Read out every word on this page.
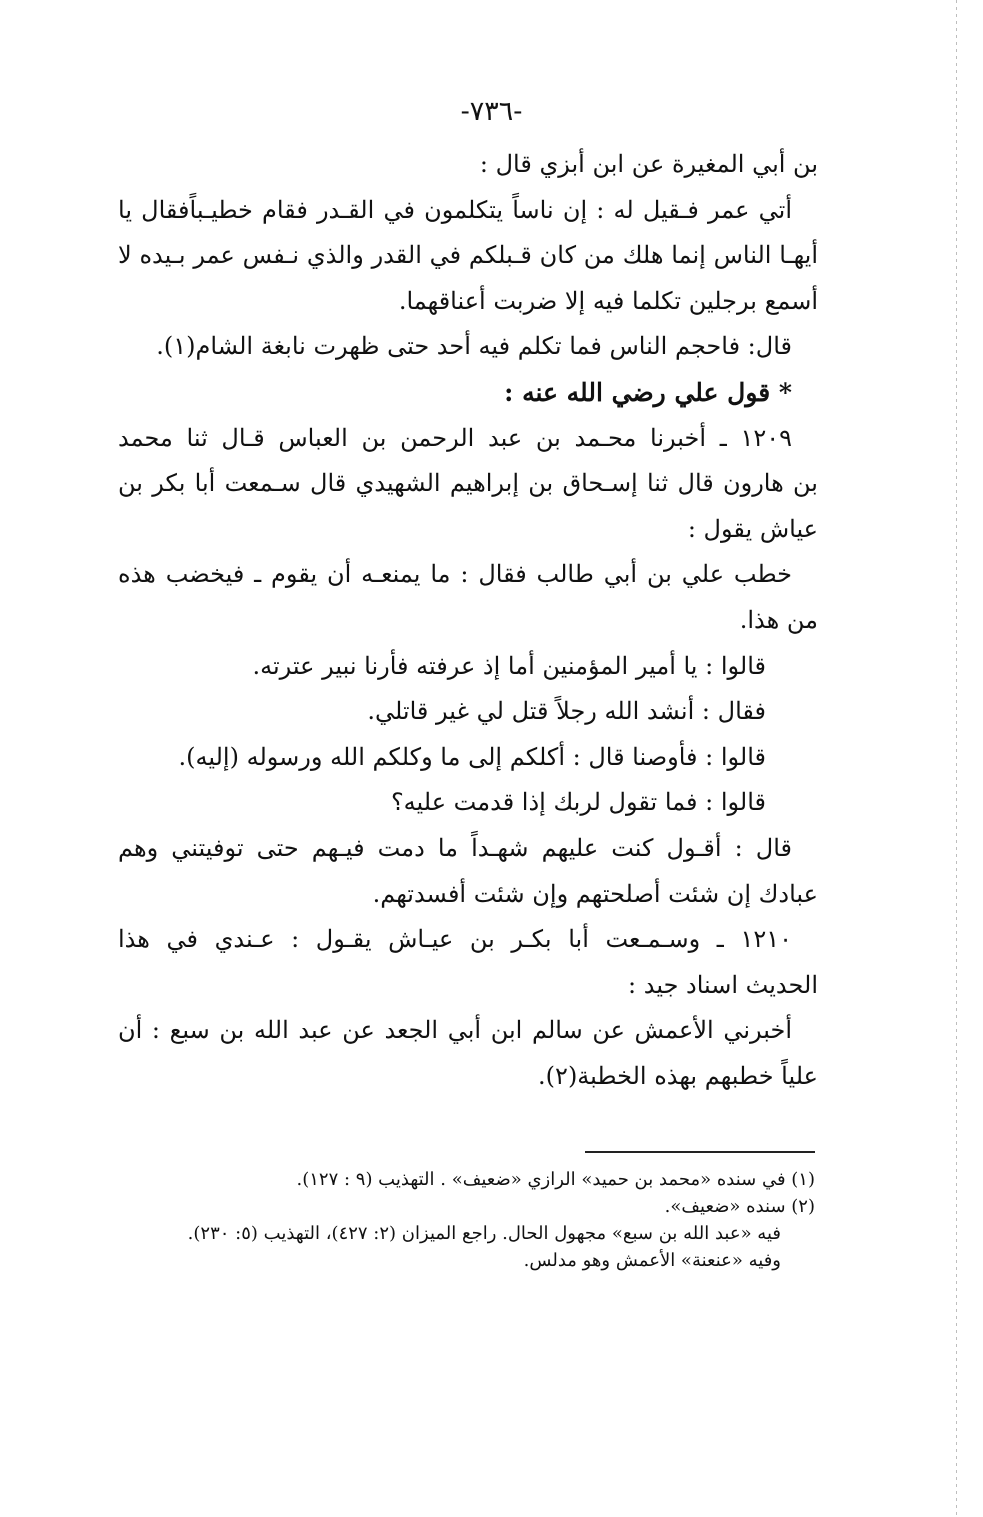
-٧٣٦-
بن أبي المغيرة عن ابن أبزي قال :
أتي عمر فـقيل له : إن ناساً يتكلمون في القـدر فقام خطيـباًفقال يا
أيهـا الناس إنما هلك من كان قـبلكم في القدر والذي نـفس عمر بـيده لا
أسمع برجلين تكلما فيه إلا ضربت أعناقهما.
قال: فاحجم الناس فما تكلم فيه أحد حتى ظهرت نابغة الشام(١).
* قول علي رضي الله عنه :
١٢٠٩ ـ أخبرنا محـمد بن عبد الرحمن بن العباس قـال ثنا محمد
بن هارون قال ثنا إسـحاق بن إبراهيم الشهيدي قال سـمعت أبا بكر بن
عياش يقول :
خطب علي بن أبي طالب فقال : ما يمنعـه أن يقوم ـ فيخضب هذه
من هذا.
قالوا : يا أمير المؤمنين أما إذ عرفته فأرنا نبير عترته.
فقال : أنشد الله رجلاً قتل لي غير قاتلي.
قالوا : فأوصنا قال : أكلكم إلى ما وكلكم الله ورسوله (إليه).
قالوا : فما تقول لربك إذا قدمت عليه؟
قال : أقـول كنت عليهم شهـداً ما دمت فيـهم حتى توفيتني وهم
عبادك إن شئت أصلحتهم وإن شئت أفسدتهم.
١٢١٠ ـ وسـمـعت أبا بكـر بن عيـاش يقـول : عـندي في هذا
الحديث اسناد جيد :
أخبرني الأعمش عن سالم ابن أبي الجعد عن عبد الله بن سبع : أن
علياً خطبهم بهذه الخطبة(٢).
(١) في سنده «محمد بن حميد» الرازي «ضعيف» . التهذيب (٩ : ١٢٧).
(٢) سنده «ضعيف».
فيه «عبد الله بن سبع» مجهول الحال. راجع الميزان (٢: ٤٢٧)، التهذيب (٥: ٢٣٠).
وفيه «عنعنة» الأعمش وهو مدلس.
